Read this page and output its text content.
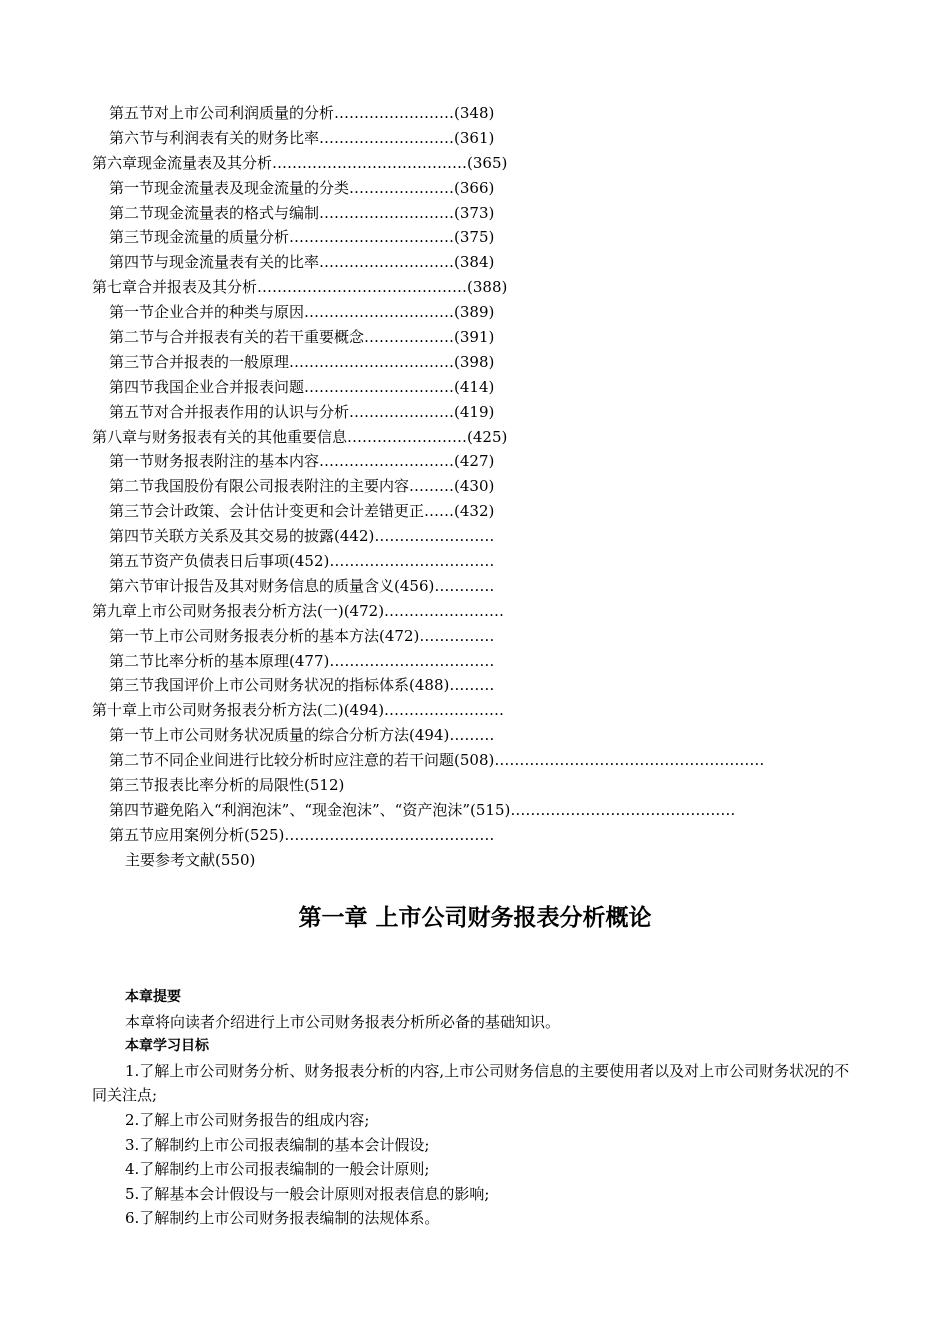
第五节对上市公司利润质量的分析……………………(348)
第六节与利润表有关的财务比率………………………(361)
第六章现金流量表及其分析…………………………………(365)
第一节现金流量表及现金流量的分类…………………(366)
第二节现金流量表的格式与编制………………………(373)
第三节现金流量的质量分析……………………………(375)
第四节与现金流量表有关的比率………………………(384)
第七章合并报表及其分析……………………………………(388)
第一节企业合并的种类与原因…………………………(389)
第二节与合并报表有关的若干重要概念………………(391)
第三节合并报表的一般原理……………………………(398)
第四节我国企业合并报表问题…………………………(414)
第五节对合并报表作用的认识与分析…………………(419)
第八章与财务报表有关的其他重要信息……………………(425)
第一节财务报表附注的基本内容………………………(427)
第二节我国股份有限公司报表附注的主要内容………(430)
第三节会计政策、会计估计变更和会计差错更正……(432)
第四节关联方关系及其交易的披露(442)……………………
第五节资产负债表日后事项(452)……………………………
第六节审计报告及其对财务信息的质量含义(456)…………
第九章上市公司财务报表分析方法(一)(472)……………………
第一节上市公司财务报表分析的基本方法(472)……………
第二节比率分析的基本原理(477)……………………………
第三节我国评价上市公司财务状况的指标体系(488)………
第十章上市公司财务报表分析方法(二)(494)……………………
第一节上市公司财务状况质量的综合分析方法(494)………
第二节不同企业间进行比较分析时应注意的若干问题(508)………………………………………………
第三节报表比率分析的局限性(512)
第四节避免陷入“利润泡沫”、“现金泡沫”、“资产泡沫”(515)………………………………………
第五节应用案例分析(525)……………………………………
主要参考文献(550)
第一章 上市公司财务报表分析概论
本章提要
本章将向读者介绍进行上市公司财务报表分析所必备的基础知识。
本章学习目标
1.了解上市公司财务分析、财务报表分析的内容,上市公司财务信息的主要使用者以及对上市公司财务状况的不同关注点;
2.了解上市公司财务报告的组成内容;
3.了解制约上市公司报表编制的基本会计假设;
4.了解制约上市公司报表编制的一般会计原则;
5.了解基本会计假设与一般会计原则对报表信息的影响;
6.了解制约上市公司财务报表编制的法规体系。
